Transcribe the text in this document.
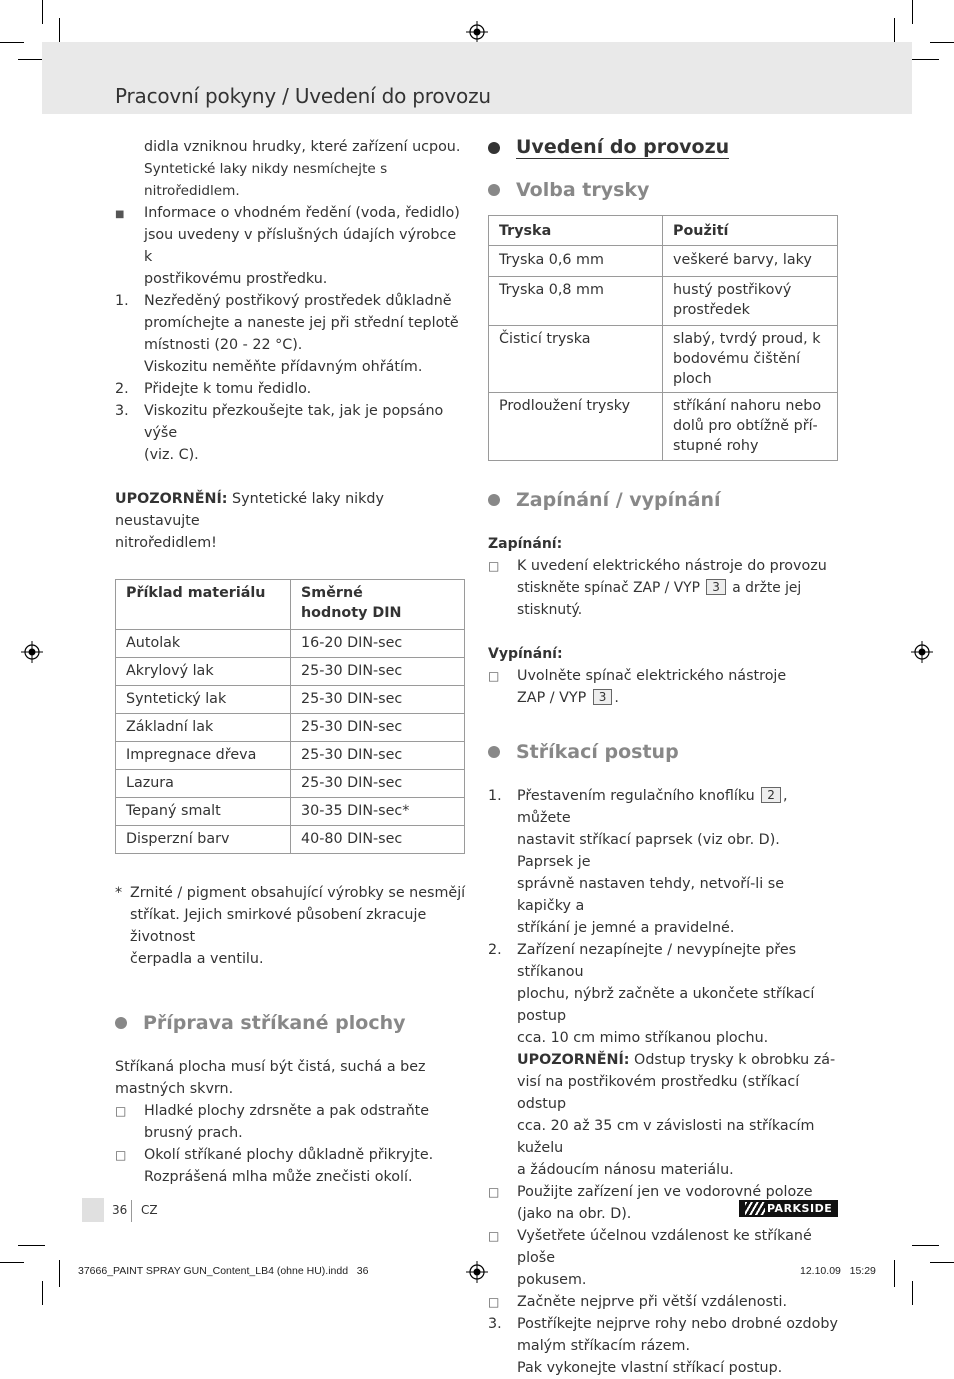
Pracovní pokyny / Uvedení do provozu
didla vzniknou hrudky, které zařízení ucpou.
Syntetické laky nikdy nesmíchejte s nitroředidlem.
■
Informace o vhodném ředění (voda, ředidlo)
jsou uvedeny v příslušných údajích výrobce k
postřikovému prostředku.
1.	Nezředěný postřikový prostředek důkladně
promíchejte a naneste jej při střední teplotě
místnosti (20 - 22 °C).
Viskozitu neměňte přídavným ohřátím.
2.	Přidejte k tomu ředidlo.
3.	Viskozitu přezkoušejte tak, jak je popsáno výše
(viz. C).
UPOZORNĚNÍ: Syntetické laky nikdy neustavujte
nitroředidlem!
Příklad materiálu	Směrné
hodnoty DIN

Autolak	16-20 DIN-sec
Akrylový lak	25-30 DIN-sec
Syntetický lak	25-30 DIN-sec
Základní lak	25-30 DIN-sec
Impregnace dřeva	25-30 DIN-sec
Lazura	25-30 DIN-sec
Tepaný smalt	30-35 DIN-sec*
Disperzní barv	40-80 DIN-sec
* Zrnité / pigment obsahující výrobky se nesmějí
stříkat. Jejich smirkové působení zkracuje životnost
čerpadla a ventilu.
Příprava stříkané plochy
Stříkaná plocha musí být čistá, suchá a bez
mastných skvrn.
□
Hladké plochy zdrsněte a pak odstraňte
brusný prach.
□
Okolí stříkané plochy důkladně přikryjte.
Rozprášená mlha může znečisti okolí.
Uvedení do provozu
Volba trysky
Tryska	Použití
Tryska 0,6 mm	veškeré barvy, laky

Tryska 0,8 mm	hustý postřikový
prostředek

Čisticí tryska	slabý, tvrdý proud, k
bodovému čištění ploch

Prodloužení trysky	stříkání nahoru nebo
dolů pro obtížně pří-
stupné rohy
Zapínání / vypínání
Zapínání:
□
K uvedení elektrického nástroje do provozu
stiskněte spínač ZAP / VYP 3 a držte jej stisknutý.
Vypínání:
□
Uvolněte spínač elektrického nástroje
ZAP / VYP 3 .
Stříkací postup
1.	Přestavením regulačního knoflíku 2 , můžete
nastavit stříkací paprsek (viz obr. D). Paprsek je
správně nastaven tehdy, netvoří-li se kapičky a
stříkání je jemné a pravidelné.
2.	Zařízení nezapínejte / nevypínejte přes stříkanou
plochu, nýbrž začněte a ukončete stříkací postup
cca. 10 cm mimo stříkanou plochu.
UPOZORNĚNÍ: Odstup trysky k obrobku zá-
visí na postřikovém prostředku (stříkací odstup
cca. 20 až 35 cm v závislosti na stříkacím kuželu
a žádoucím nánosu materiálu.
□
Použijte zařízení jen ve vodorovné poloze
(jako na obr. D).
□
Vyšetřete účelnou vzdálenost ke stříkané ploše
pokusem.
□
Začněte nejprve při větší vzdálenosti.
3.	Postříkejte nejprve rohy nebo drobné ozdoby
malým stříkacím rázem.
Pak vykonejte vlastní stříkací postup.
36 CZ	PARKSIDE
37666_PAINT SPRAY GUN_Content_LB4 (ohne HU).indd   36	12.10.09   15:29
